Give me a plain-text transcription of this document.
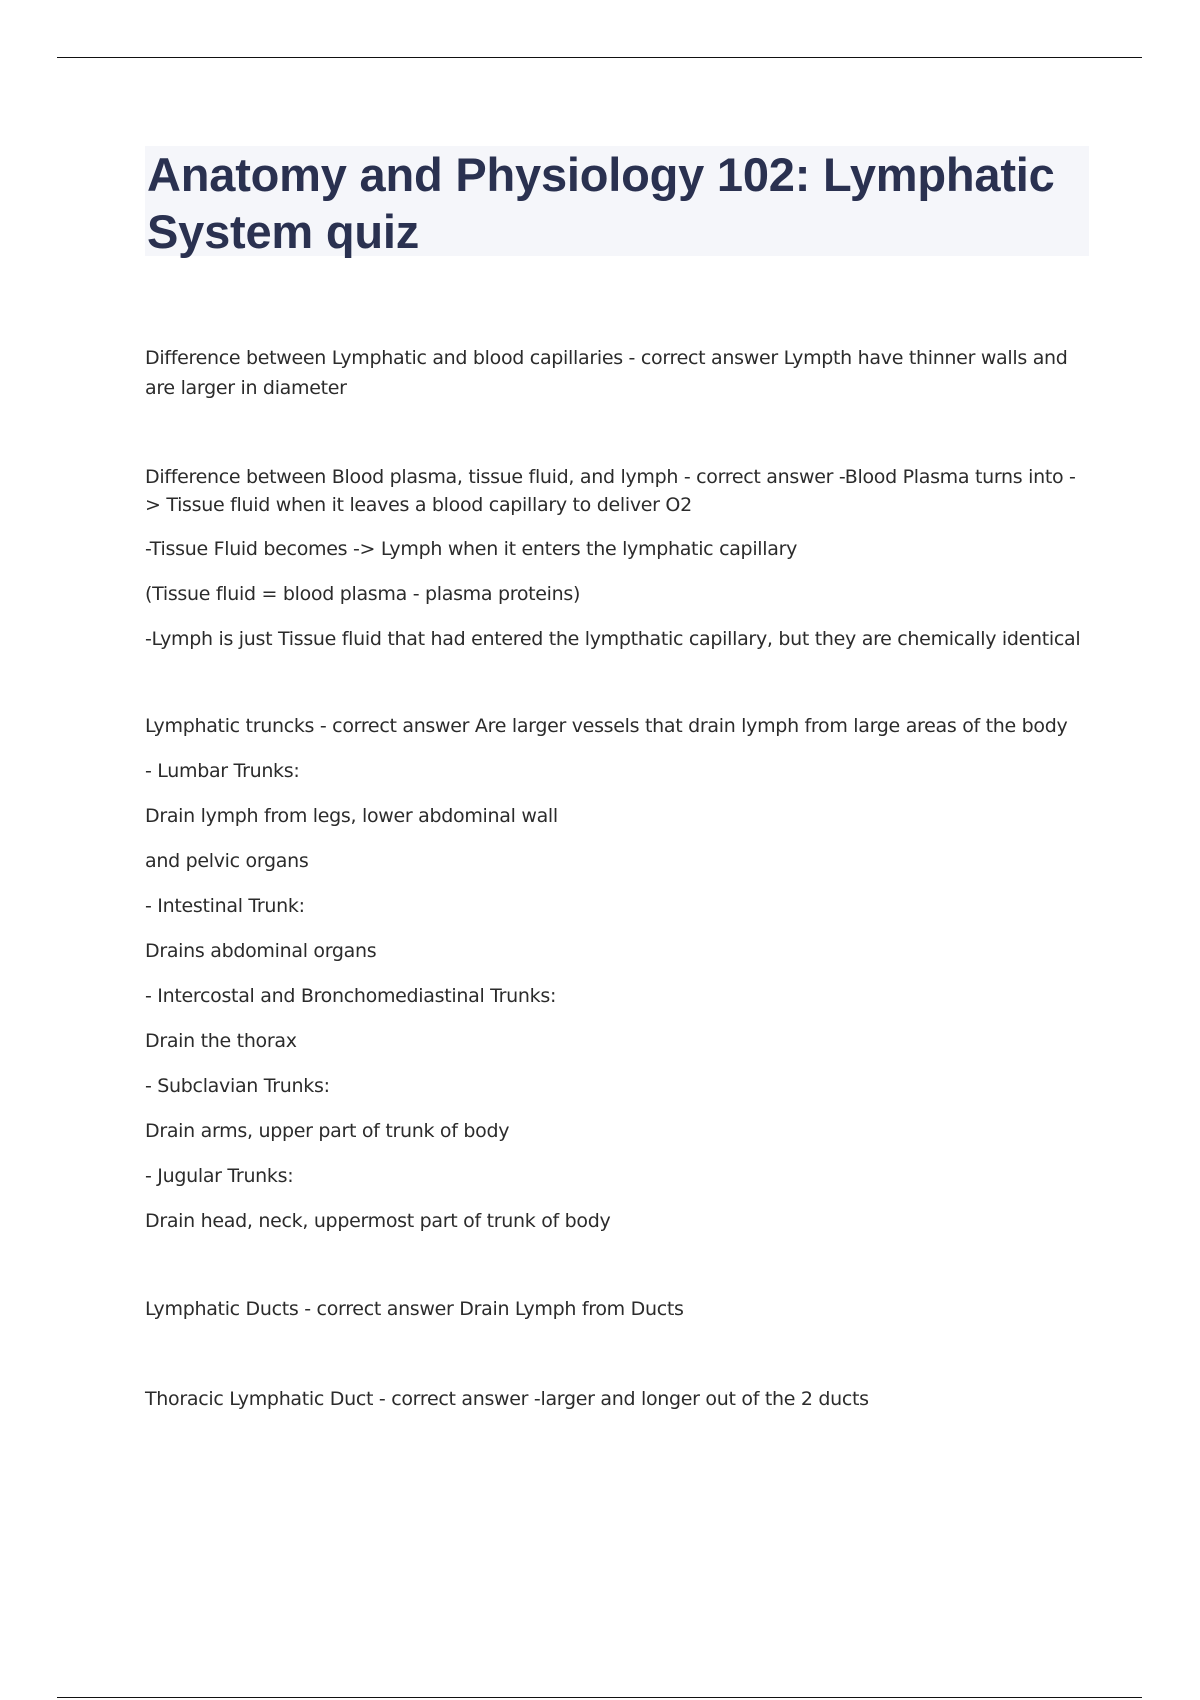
Anatomy and Physiology 102: Lymphatic System quiz

Difference between Lymphatic and blood capillaries - correct answer Lympth have thinner walls and are larger in diameter

Difference between Blood plasma, tissue fluid, and lymph - correct answer -Blood Plasma turns into -> Tissue fluid when it leaves a blood capillary to deliver O2

-Tissue Fluid becomes -> Lymph when it enters the lymphatic capillary

(Tissue fluid = blood plasma - plasma proteins)

-Lymph is just Tissue fluid that had entered the lympthatic capillary, but they are chemically identical

Lymphatic truncks - correct answer Are larger vessels that drain lymph from large areas of the body

- Lumbar Trunks:

Drain lymph from legs, lower abdominal wall

and pelvic organs

- Intestinal Trunk:

Drains abdominal organs

- Intercostal and Bronchomediastinal Trunks:

Drain the thorax

- Subclavian Trunks:

Drain arms, upper part of trunk of body

- Jugular Trunks:

Drain head, neck, uppermost part of trunk of body

Lymphatic Ducts - correct answer Drain Lymph from Ducts

Thoracic Lymphatic Duct - correct answer -larger and longer out of the 2 ducts
